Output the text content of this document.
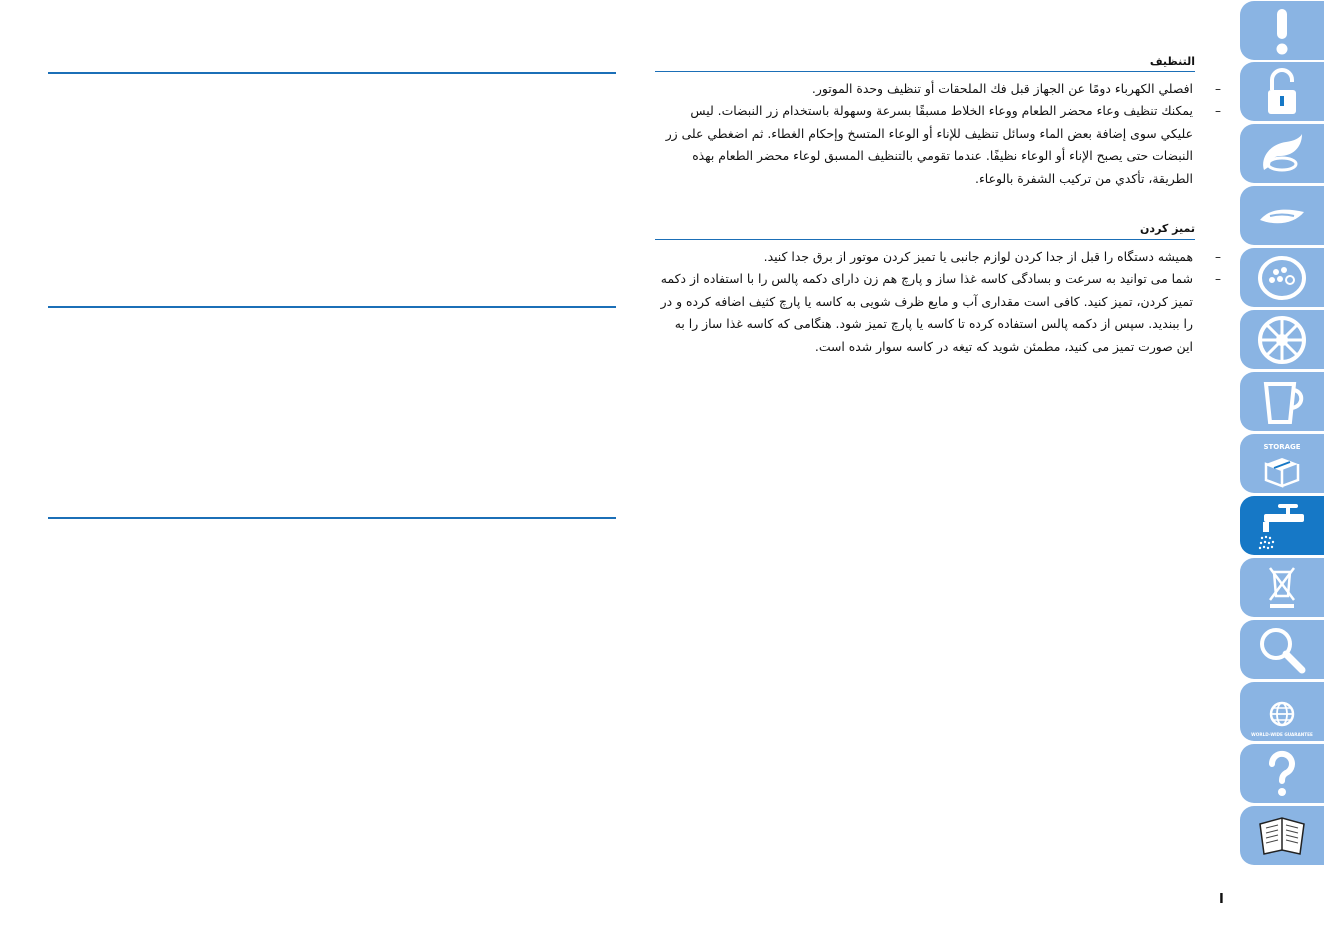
التنظيف
–
افصلي الكهرباء دومًا عن الجهاز قبل فك الملحقات أو تنظيف وحدة الموتور.
–
يمكنك تنظيف وعاء محضر الطعام ووعاء الخلاط مسبقًا بسرعة وسهولة باستخدام زر النبضات. ليس عليكي سوى إضافة بعض الماء وسائل تنظيف للإناء أو الوعاء المتسخ وإحكام الغطاء. ثم اضغطي على زر النبضات حتى يصبح الإناء أو الوعاء نظيفًا. عندما تقومي بالتنظيف المسبق لوعاء محضر الطعام بهذه الطريقة، تأكدي من تركيب الشفرة بالوعاء.
تميز كردن
–
هميشه دستگاه را قبل از جدا كردن لوازم جانبی يا تميز كردن موتور از برق جدا كنيد.
–
شما می توانيد به سرعت و بسادگی كاسه غذا ساز و پارچ هم زن دارای دكمه پالس را با استفاده از دكمه تميز كردن، تميز كنيد. كافی است مقداری آب و مايع ظرف شويی به كاسه يا پارچ كثيف اضافه كرده و در را ببنديد. سپس از دكمه پالس استفاده كرده تا كاسه يا پارچ تميز شود. هنگامی كه كاسه غذا ساز را به اين صورت تميز می كنيد، مطمئن شويد كه تيغه در كاسه سوار شده است.
I
STORAGE
WORLD-WIDE GUARANTEE
